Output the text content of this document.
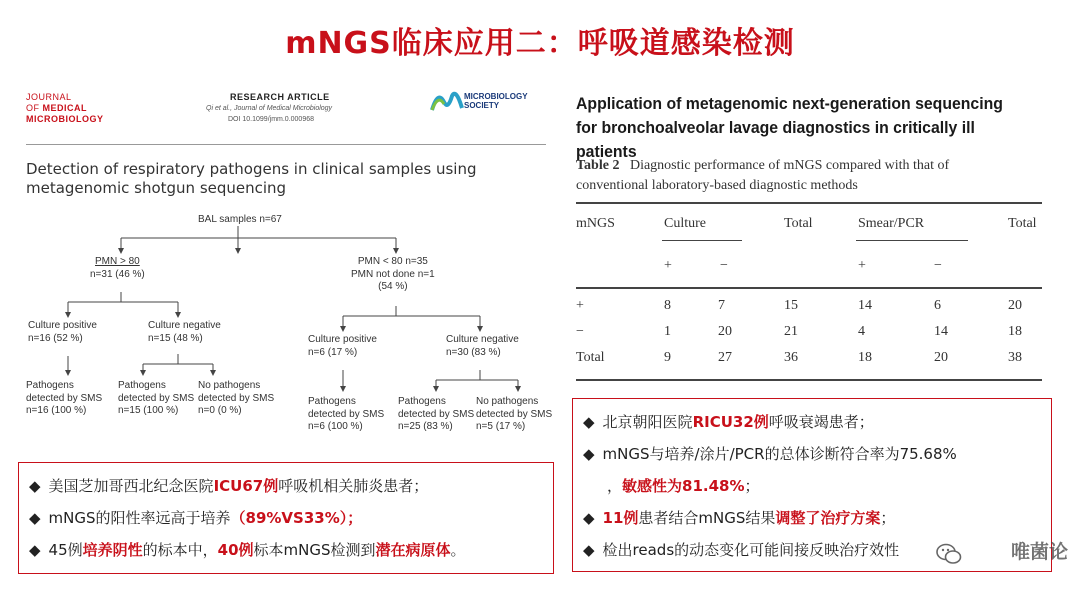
mNGS临床应用二：呼吸道感染检测
JOURNAL
OF MEDICAL
MICROBIOLOGY
RESEARCH ARTICLE
Qi et al., Journal of Medical Microbiology
DOI 10.1099/jmm.0.000968
MICROBIOLOGY
SOCIETY
Detection of respiratory pathogens in clinical samples using metagenomic shotgun sequencing
BAL samples n=67
PMN > 80
n=31 (46 %)
PMN < 80 n=35
PMN not done n=1
(54 %)
Culture positive
n=16 (52 %)
Culture negative
n=15 (48 %)	Culture positive
n=6 (17 %)
Culture negative
n=30 (83 %)
Pathogens
detected by SMS
n=16 (100 %)
Pathogens
detected by SMS
n=15 (100 %)
No pathogens
detected by SMS
n=0 (0 %)
Pathogens
detected by SMS
n=6 (100 %)
Pathogens
detected by SMS
n=25 (83 %)
No pathogens
detected by SMS
n=5 (17 %)
Application of metagenomic next-generation sequencing
for bronchoalveolar lavage diagnostics in critically ill patients
Table 2 Diagnostic performance of mNGS compared with that of
conventional laboratory-based diagnostic methods
mNGS	Culture	Total	Smear/PCR	Total
+	−	+	−
+	8	7	15	14	6	20
−	1	20	21	4	14	18
Total	9	27	36	18	20	38
◆ 美国芝加哥西北纪念医院ICU67例呼吸机相关肺炎患者；
◆ mNGS的阳性率远高于培养（89%VS33%）；
◆ 45例培养阴性的标本中，40例标本mNGS检测到潜在病原体。
◆ 北京朝阳医院RICU32例呼吸衰竭患者；
◆ mNGS与培养/涂片/PCR的总体诊断符合率为75.68%
，敏感性为81.48%；
◆ 11例患者结合mNGS结果调整了治疗方案；
◆ 检出reads的动态变化可能间接反映治疗效性	唯菌论
